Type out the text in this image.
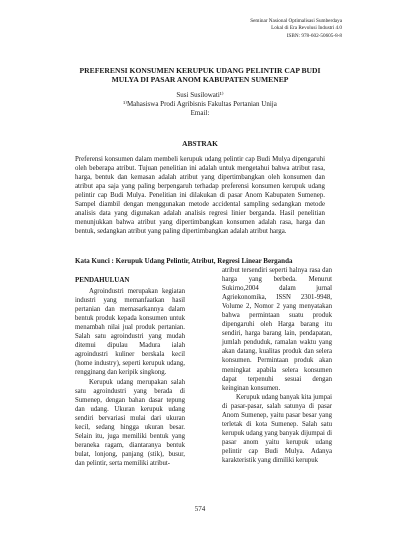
Seminar Nasional Optimalisasi Sumberdaya
Lokal di Era Revolusi Industri 4.0
ISBN: 978-602-50605-8-8
PREFERENSI KONSUMEN KERUPUK UDANG PELINTIR CAP BUDI
MULYA DI PASAR ANOM KABUPATEN SUMENEP
Susi Susilowati¹⁾
¹⁾Mahasiswa Prodi Agribisnis Fakultas Pertanian Unija
Email:
ABSTRAK
Preferensi konsumen dalam membeli kerupuk udang pelintir cap Budi Mulya dipengaruhi oleh beberapa atribut. Tujuan penelitian ini adalah untuk mengetahui bahwa atribut rasa, harga, bentuk dan kemasan adalah atribut yang dipertimbangkan oleh konsumen dan atribut apa saja yang paling berpengaruh terhadap preferensi konsumen kerupuk udang pelintir cap Budi Mulya. Penelitian ini dilakukan di pasar Anom Kabupaten Sumenep. Sampel diambil dengan menggunakan metode accidental sampling sedangkan metode analisis data yang digunakan adalah analisis regresi linier berganda. Hasil penelitian menunjukkan bahwa atribut yang dipertimbangkan konsumen adalah rasa, harga dan bentuk, sedangkan atribut yang paling dipertimbangkan adalah atribut harga.
Kata Kunci : Kerupuk Udang Pelintir, Atribut, Regresi Linear Berganda

PENDAHULUAN

Agroindustri merupakan kegiatan industri yang memanfaatkan hasil pertanian dan memasarkannya dalam bentuk produk kepada konsumen untuk menambah nilai jual produk pertanian. Salah satu agroindustri yang mudah ditemui dipulau Madura ialah agroindustri kuliner berskala kecil (home industry), seperti kerupuk udang, rengginang dan keripik singkong.

Kerupuk udang merupakan salah satu agroindustri yang berada di Sumenep, dengan bahan dasar tepung dan udang. Ukuran kerupuk udang sendiri bervariasi mulai dari ukuran kecil, sedang hingga ukuran besar. Selain itu, juga memiliki bentuk yang beraneka ragam, diantaranya bentuk bulat, lonjong, panjang (stik), busur, dan pelintir, serta memiliki atribut-

atribut tersendiri seperti halnya rasa dan harga yang berbeda. Menurut Sukirno,2004 dalam jurnal Agriekonomika, ISSN 2301-9948, Volume 2, Nomor 2 yang menyatakan bahwa permintaan suatu produk dipengaruhi oleh Harga barang itu sendiri, harga barang lain, pendapatan, jumlah penduduk, ramalan waktu yang akan datang, kualitas produk dan selera konsumen. Permintaan produk akan meningkat apabila selera konsumen dapat terpenuhi sesuai dengan keinginan konsumen.

Kerupuk udang banyak kita jumpai di pasar-pasar, salah satunya di pasar Anom Sumenep, yaitu pasar besar yang terletak di kota Sumenep. Salah satu kerupuk udang yang banyak dijumpai di pasar anom yaitu kerupuk udang pelintir cap Budi Mulya. Adanya karakteristik yang dimiliki kerupuk

574
